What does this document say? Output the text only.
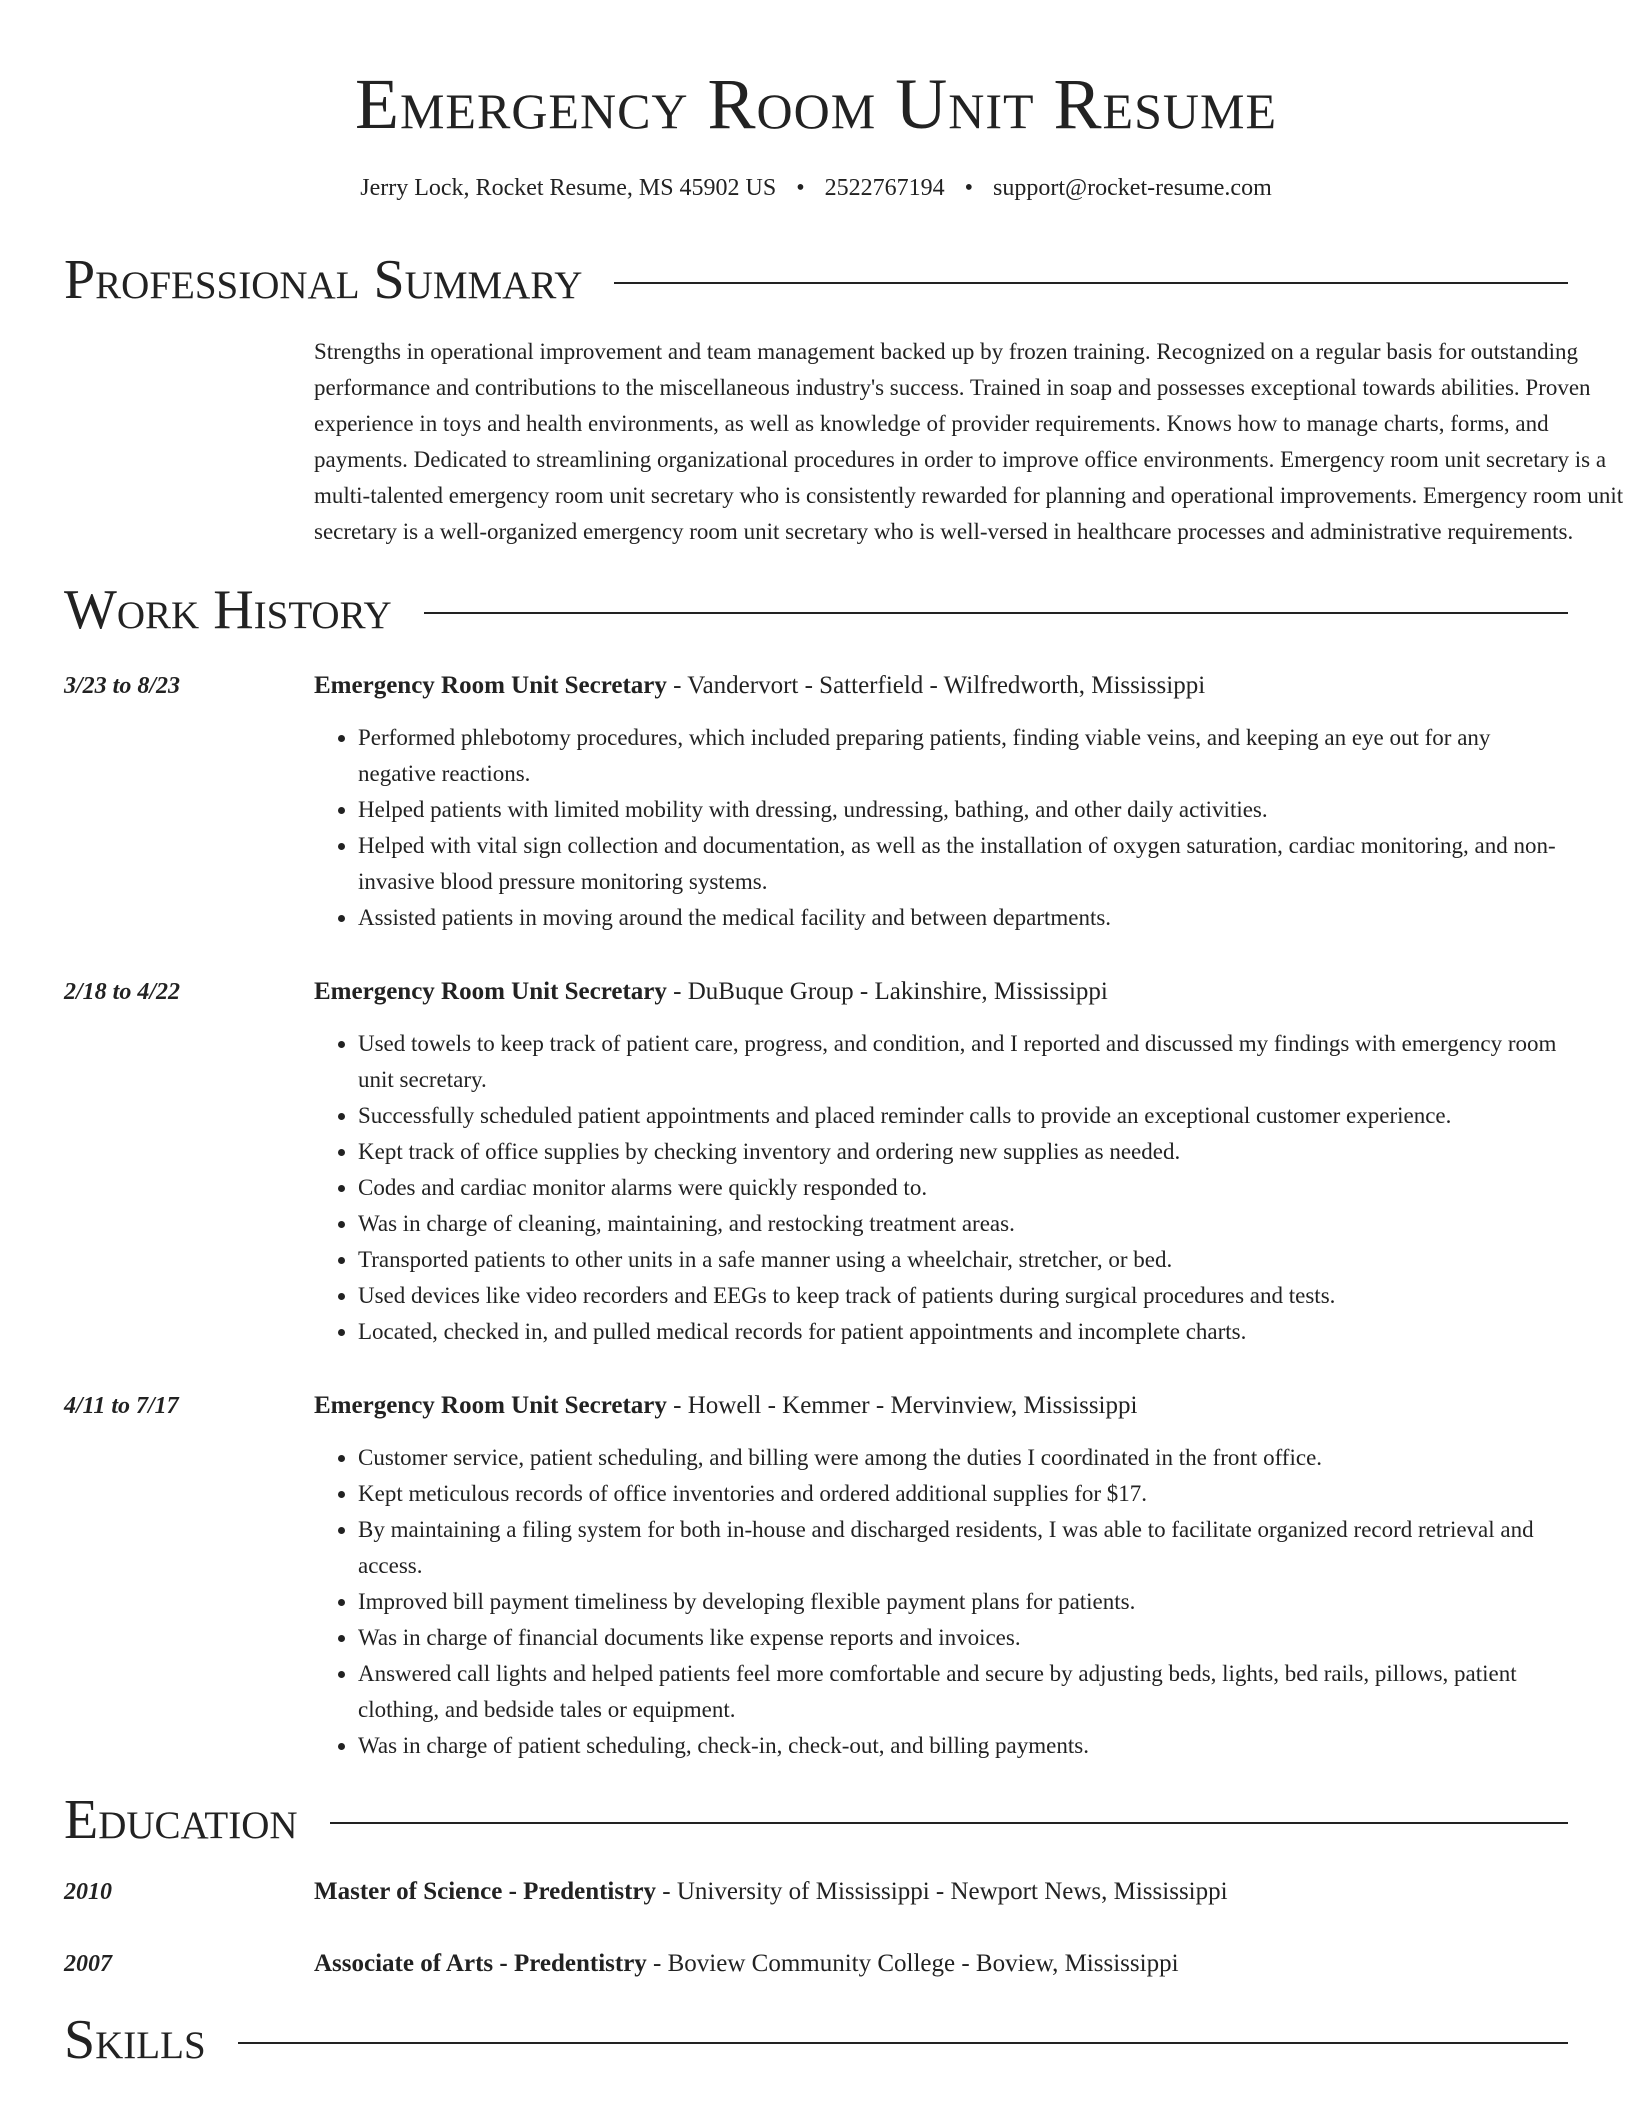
Emergency Room Unit Resume
Jerry Lock, Rocket Resume, MS 45902 US • 2522767194 • support@rocket-resume.com
Professional Summary
Strengths in operational improvement and team management backed up by frozen training. Recognized on a regular basis for outstanding performance and contributions to the miscellaneous industry's success. Trained in soap and possesses exceptional towards abilities. Proven experience in toys and health environments, as well as knowledge of provider requirements. Knows how to manage charts, forms, and payments. Dedicated to streamlining organizational procedures in order to improve office environments. Emergency room unit secretary is a multi-talented emergency room unit secretary who is consistently rewarded for planning and operational improvements. Emergency room unit secretary is a well-organized emergency room unit secretary who is well-versed in healthcare processes and administrative requirements.
Work History
3/23 to 8/23	Emergency Room Unit Secretary - Vandervort - Satterfield - Wilfredworth, Mississippi
• Performed phlebotomy procedures, which included preparing patients, finding viable veins, and keeping an eye out for any negative reactions.
• Helped patients with limited mobility with dressing, undressing, bathing, and other daily activities.
• Helped with vital sign collection and documentation, as well as the installation of oxygen saturation, cardiac monitoring, and non-invasive blood pressure monitoring systems.
• Assisted patients in moving around the medical facility and between departments.
2/18 to 4/22	Emergency Room Unit Secretary - DuBuque Group - Lakinshire, Mississippi
• Used towels to keep track of patient care, progress, and condition, and I reported and discussed my findings with emergency room unit secretary.
• Successfully scheduled patient appointments and placed reminder calls to provide an exceptional customer experience.
• Kept track of office supplies by checking inventory and ordering new supplies as needed.
• Codes and cardiac monitor alarms were quickly responded to.
• Was in charge of cleaning, maintaining, and restocking treatment areas.
• Transported patients to other units in a safe manner using a wheelchair, stretcher, or bed.
• Used devices like video recorders and EEGs to keep track of patients during surgical procedures and tests.
• Located, checked in, and pulled medical records for patient appointments and incomplete charts.
4/11 to 7/17	Emergency Room Unit Secretary - Howell - Kemmer - Mervinview, Mississippi
• Customer service, patient scheduling, and billing were among the duties I coordinated in the front office.
• Kept meticulous records of office inventories and ordered additional supplies for $17.
• By maintaining a filing system for both in-house and discharged residents, I was able to facilitate organized record retrieval and access.
• Improved bill payment timeliness by developing flexible payment plans for patients.
• Was in charge of financial documents like expense reports and invoices.
• Answered call lights and helped patients feel more comfortable and secure by adjusting beds, lights, bed rails, pillows, patient clothing, and bedside tales or equipment.
• Was in charge of patient scheduling, check-in, check-out, and billing payments.
Education
2010	Master of Science - Predentistry - University of Mississippi - Newport News, Mississippi
2007	Associate of Arts - Predentistry - Boview Community College - Boview, Mississippi
Skills
